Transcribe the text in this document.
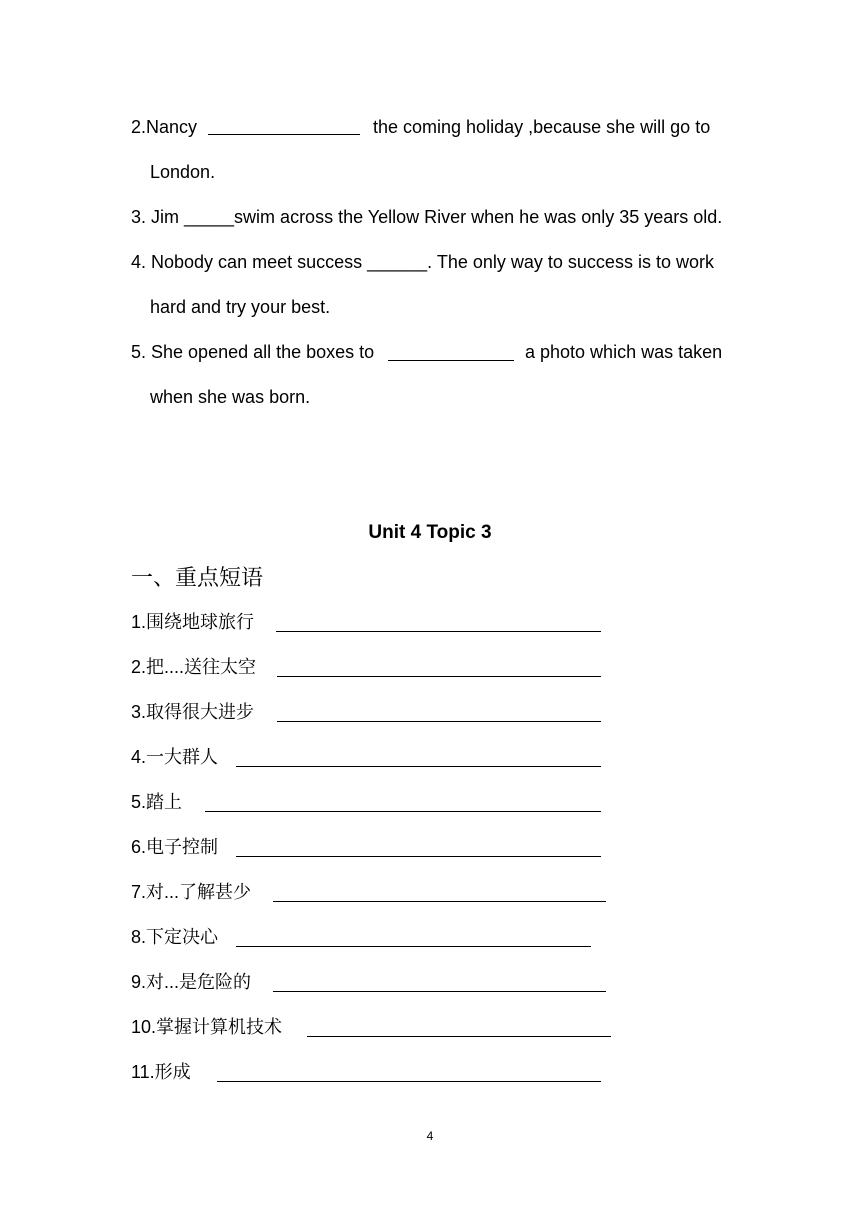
2.Nancy	the coming holiday ,because she will go to
London.
3. Jim _____swim across the Yellow River when he was only 35 years old.
4. Nobody can meet success ______. The only way to success is to work
hard and try your best.
5. She opened all the boxes to	a photo which was taken
when she was born.
Unit 4 Topic 3
一、重点短语
1.围绕地球旅行
2.把....送往太空
3.取得很大进步
4.一大群人
5.踏上
6.电子控制
7.对...了解甚少
8.下定决心
9.对...是危险的
10.掌握计算机技术
11.形成
4
